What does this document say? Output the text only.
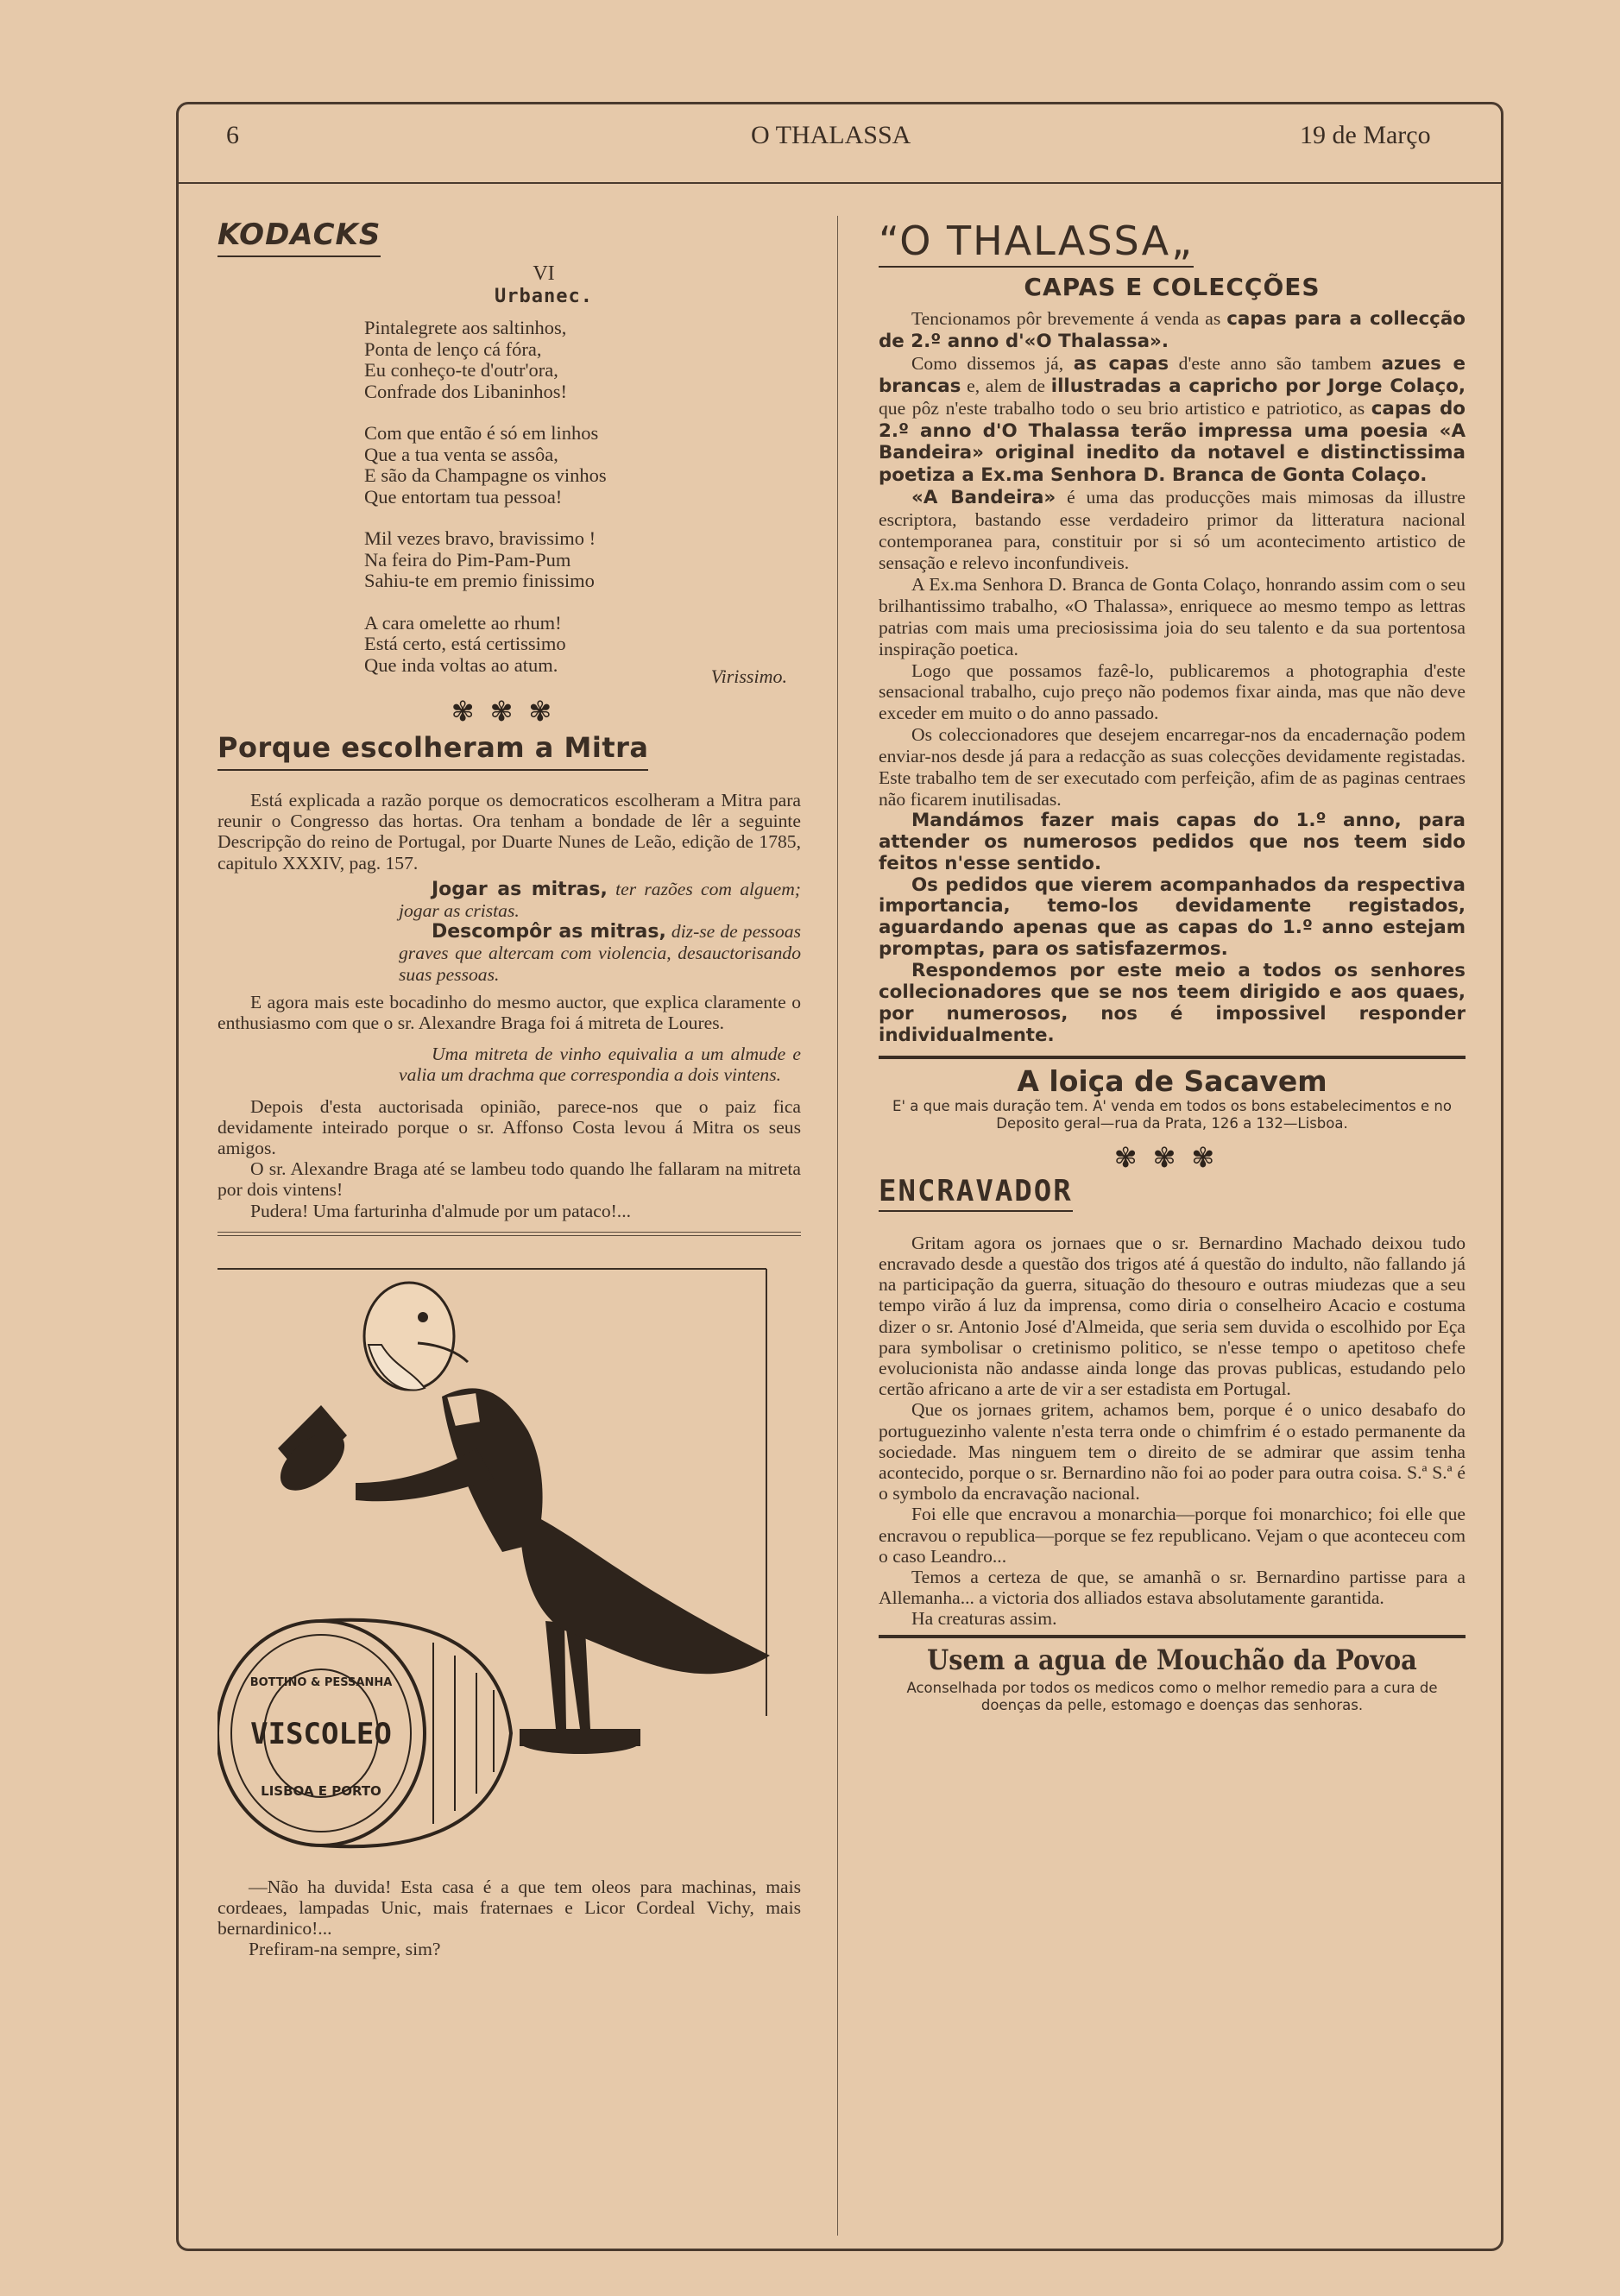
6	O THALASSA	19 de Março
KODACKS
VI
Urbanec.

Pintalegrete aos saltinhos,

Ponta de lenço cá fóra,

Eu conheço-te d'outr'ora,

Confrade dos Libaninhos!

Com que então é só em linhos

Que a tua venta se assôa,

E são da Champagne os vinhos

Que entortam tua pessoa!

Mil vezes bravo, bravissimo !

Na feira do Pim-Pam-Pum

Sahiu-te em premio finissimo

A cara omelette ao rhum!

Está certo, está certissimo

Que inda voltas ao atum.

Virissimo.
✾✾✾
Porque escolheram a Mitra

Está explicada a razão porque os democraticos escolheram a Mitra para reunir o Congresso das hortas. Ora tenham a bondade de lêr a seguinte Descripção do reino de Portugal, por Duarte Nunes de Leão, edição de 1785, capitulo XXXIV, pag. 157.

Jogar as mitras, ter razões com alguem; jogar as cristas.

Descompôr as mitras, diz-se de pessoas graves que altercam com violencia, desauctorisando suas pessoas.

E agora mais este bocadinho do mesmo auctor, que explica claramente o enthusiasmo com que o sr. Alexandre Braga foi á mitreta de Loures.

Uma mitreta de vinho equivalia a um almude e valia um drachma que correspondia a dois vintens.

Depois d'esta auctorisada opinião, parece-nos que o paiz fica devidamente inteirado porque o sr. Affonso Costa levou á Mitra os seus amigos.

O sr. Alexandre Braga até se lambeu todo quando lhe fallaram na mitreta por dois vintens!

Pudera! Uma farturinha d'almude por um pataco!...

VISCOLEO
BOTTINO & PESSANHA
LISBOA E PORTO

—Não ha duvida! Esta casa é a que tem oleos para machinas, mais cordeaes, lampadas Unic, mais fraternaes e Licor Cordeal Vichy, mais bernardinico!...

Prefiram-na sempre, sim?

“O THALASSA„
CAPAS E COLECÇÕES

Tencionamos pôr brevemente á venda as capas para a collecção de 2.º anno d'«O Thalassa».

Como dissemos já, as capas d'este anno são tambem azues e brancas e, alem de illustradas a capricho por Jorge Colaço, que pôz n'este trabalho todo o seu brio artistico e patriotico, as capas do 2.º anno d'O Thalassa terão impressa uma poesia «A Bandeira» original inedito da notavel e distinctissima poetiza a Ex.ma Senhora D. Branca de Gonta Colaço.

«A Bandeira» é uma das producções mais mimosas da illustre escriptora, bastando esse verdadeiro primor da litteratura nacional contemporanea para, constituir por si só um acontecimento artistico de sensação e relevo inconfundiveis.

A Ex.ma Senhora D. Branca de Gonta Colaço, honrando assim com o seu brilhantissimo trabalho, «O Thalassa», enriquece ao mesmo tempo as lettras patrias com mais uma preciosissima joia do seu talento e da sua portentosa inspiração poetica.

Logo que possamos fazê-lo, publicaremos a photographia d'este sensacional trabalho, cujo preço não podemos fixar ainda, mas que não deve exceder em muito o do anno passado.

Os coleccionadores que desejem encarregar-nos da encadernação podem enviar-nos desde já para a redacção as suas colecções devidamente registadas. Este trabalho tem de ser executado com perfeição, afim de as paginas centraes não ficarem inutilisadas.

Mandámos fazer mais capas do 1.º anno, para attender os numerosos pedidos que nos teem sido feitos n'esse sentido.

Os pedidos que vierem acompanhados da respectiva importancia, temo-los devidamente registados, aguardando apenas que as capas do 1.º anno estejam promptas, para os satisfazermos.

Respondemos por este meio a todos os senhores collecionadores que se nos teem dirigido e aos quaes, por numerosos, nos é impossivel responder individualmente.

A loiça de Sacavem
E' a que mais duração tem. A' venda em todos os bons estabelecimentos e no Deposito geral—rua da Prata, 126 a 132—Lisboa.
✾✾✾
ENCRAVADOR

Gritam agora os jornaes que o sr. Bernardino Machado deixou tudo encravado desde a questão dos trigos até á questão do indulto, não fallando já na participação da guerra, situação do thesouro e outras miudezas que a seu tempo virão á luz da imprensa, como diria o conselheiro Acacio e costuma dizer o sr. Antonio José d'Almeida, que seria sem duvida o escolhido por Eça para symbolisar o cretinismo politico, se n'esse tempo o apetitoso chefe evolucionista não andasse ainda longe das provas publicas, estudando pelo certão africano a arte de vir a ser estadista em Portugal.

Que os jornaes gritem, achamos bem, porque é o unico desabafo do portuguezinho valente n'esta terra onde o chimfrim é o estado permanente da sociedade. Mas ninguem tem o direito de se admirar que assim tenha acontecido, porque o sr. Bernardino não foi ao poder para outra coisa. S.ª S.ª é o symbolo da encravação nacional.

Foi elle que encravou a monarchia—porque foi monarchico; foi elle que encravou o republica—porque se fez republicano. Vejam o que aconteceu com o caso Leandro...

Temos a certeza de que, se amanhã o sr. Bernardino partisse para a Allemanha... a victoria dos alliados estava absolutamente garantida.

Ha creaturas assim.

Usem a agua de Mouchão da Povoa
Aconselhada por todos os medicos como o melhor remedio para a cura de doenças da pelle, estomago e doenças das senhoras.
